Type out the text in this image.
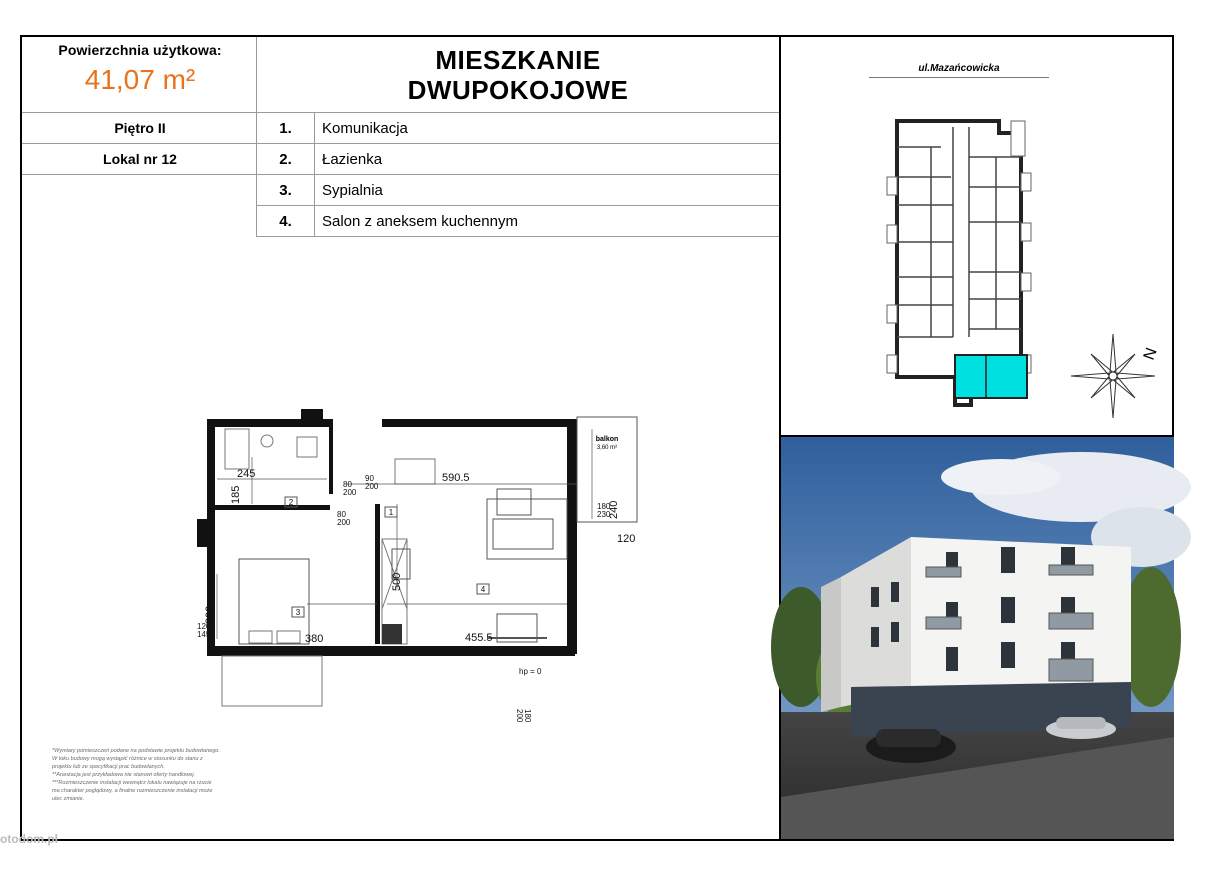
Powierzchnia użytkowa:
41,07 m²
Piętro II
Lokal nr 12
MIESZKANIE
DWUPOKOJOWE
1.	Komunikacja
2.	Łazienka
3.	Sypialnia
4.	Salon z aneksem kuchennym
ul.Mazańcowicka
N
balkon
3,60 m²
185
245	590.5
500
300
380	455.5
240
120
180 230
80 200
90 200
80 200
120 145
180200
hp = 0
1
2
3
4
*Wymiary pomieszczeń podane na podstawie projektu budowlanego.
W toku budowy mogą wystąpić różnice w stosunku do stanu z
projektu lub ze specyfikacji prac budowlanych.
**Aranżacja jest przykładowa nie stanowi oferty handlowej.
***Rozmieszczenie instalacji wewnątrz lokalu nawiązuje na rzucie
ma charakter poglądowy, a finalne rozmieszczenie instalacji może
ulec zmianie.
otodom.pl
